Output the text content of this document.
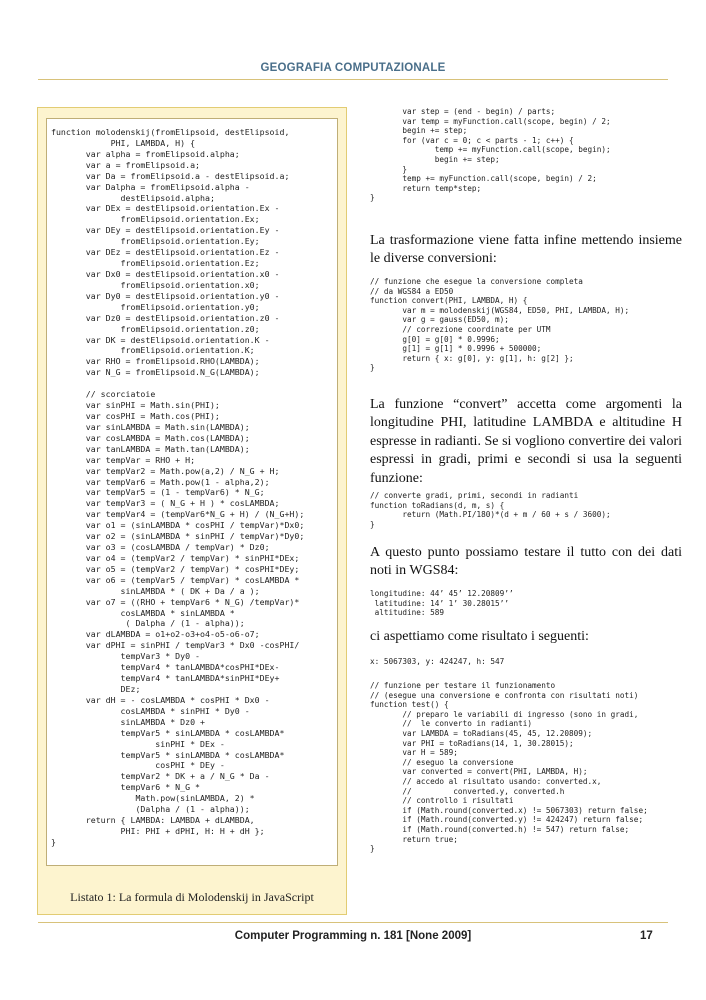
GEOGRAFIA COMPUTAZIONALE
function molodenskij(fromElipsoid, destElipsoid,
PHI, LAMBDA, H) {
var alpha = fromElipsoid.alpha;
var a = fromElipsoid.a;
var Da = fromElipsoid.a - destElipsoid.a;
var Dalpha = fromElipsoid.alpha -
destElipsoid.alpha;
var DEx = destElipsoid.orientation.Ex -
fromElipsoid.orientation.Ex;
var DEy = destElipsoid.orientation.Ey -
fromElipsoid.orientation.Ey;
var DEz = destElipsoid.orientation.Ez -
fromElipsoid.orientation.Ez;
var Dx0 = destElipsoid.orientation.x0 -
fromElipsoid.orientation.x0;
var Dy0 = destElipsoid.orientation.y0 -
fromElipsoid.orientation.y0;
var Dz0 = destElipsoid.orientation.z0 -
fromElipsoid.orientation.z0;
var DK = destElipsoid.orientation.K -
fromElipsoid.orientation.K;
var RHO = fromElipsoid.RHO(LAMBDA);
var N_G = fromElipsoid.N_G(LAMBDA);

// scorciatoie
var sinPHI = Math.sin(PHI);
var cosPHI = Math.cos(PHI);
var sinLAMBDA = Math.sin(LAMBDA);
var cosLAMBDA = Math.cos(LAMBDA);
var tanLAMBDA = Math.tan(LAMBDA);
var tempVar = RHO + H;
var tempVar2 = Math.pow(a,2) / N_G + H;
var tempVar6 = Math.pow(1 - alpha,2);
var tempVar5 = (1 - tempVar6) * N_G;
var tempVar3 = ( N_G + H ) * cosLAMBDA;
var tempVar4 = (tempVar6*N_G + H) / (N_G+H);
var o1 = (sinLAMBDA * cosPHI / tempVar)*Dx0;
var o2 = (sinLAMBDA * sinPHI / tempVar)*Dy0;
var o3 = (cosLAMBDA / tempVar) * Dz0;
var o4 = (tempVar2 / tempVar) * sinPHI*DEx;
var o5 = (tempVar2 / tempVar) * cosPHI*DEy;
var o6 = (tempVar5 / tempVar) * cosLAMBDA *
sinLAMBDA * ( DK + Da / a );
var o7 = ((RHO + tempVar6 * N_G) /tempVar)*
cosLAMBDA * sinLAMBDA *
( Dalpha / (1 - alpha));
var dLAMBDA = o1+o2-o3+o4-o5-o6-o7;
var dPHI = sinPHI / tempVar3 * Dx0 -cosPHI/
tempVar3 * Dy0 -
tempVar4 * tanLAMBDA*cosPHI*DEx-
tempVar4 * tanLAMBDA*sinPHI*DEy+
DEz;
var dH = - cosLAMBDA * cosPHI * Dx0 -
cosLAMBDA * sinPHI * Dy0 -
sinLAMBDA * Dz0 +
tempVar5 * sinLAMBDA * cosLAMBDA*
sinPHI * DEx -
tempVar5 * sinLAMBDA * cosLAMBDA*
cosPHI * DEy -
tempVar2 * DK + a / N_G * Da -
tempVar6 * N_G *
Math.pow(sinLAMBDA, 2) *
(Dalpha / (1 - alpha));
return { LAMBDA: LAMBDA + dLAMBDA,
PHI: PHI + dPHI, H: H + dH };
}
Listato 1: La formula di Molodenskij in JavaScript
var step = (end - begin) / parts;
var temp = myFunction.call(scope, begin) / 2;
begin += step;
for (var c = 0; c < parts - 1; c++) {
temp += myFunction.call(scope, begin);
begin += step;
}
temp += myFunction.call(scope, begin) / 2;
return temp*step;
}
La trasformazione viene fatta infine mettendo insieme le diverse conversioni:
// funzione che esegue la conversione completa
// da WGS84 a ED50
function convert(PHI, LAMBDA, H) {
var m = molodenskij(WGS84, ED50, PHI, LAMBDA, H);
var g = gauss(ED50, m);
// correzione coordinate per UTM
g[0] = g[0] * 0.9996;
g[1] = g[1] * 0.9996 + 500000;
return { x: g[0], y: g[1], h: g[2] };
}
La funzione “convert” accetta come argomenti la longitudine PHI, latitudine LAMBDA e altitudine H espresse in radianti. Se si vogliono convertire dei valori espressi in gradi, primi e secondi si usa la seguenti funzione:
// converte gradi, primi, secondi in radianti
function toRadians(d, m, s) {
return (Math.PI/180)*(d + m / 60 + s / 3600);
}
A questo punto possiamo testare il tutto con dei dati noti in WGS84:
longitudine: 44’ 45’ 12.20809’’
latitudine: 14’ 1’ 30.28015’’
altitudine: 589
ci aspettiamo come risultato i seguenti:
x: 5067303, y: 424247, h: 547
// funzione per testare il funzionamento
// (esegue una conversione e confronta con risultati noti)
function test() {
// preparo le variabili di ingresso (sono in gradi,
//  le converto in radianti)
var LAMBDA = toRadians(45, 45, 12.20809);
var PHI = toRadians(14, 1, 30.28015);
var H = 589;
// eseguo la conversione
var converted = convert(PHI, LAMBDA, H);
// accedo al risultato usando: converted.x,
//         converted.y, converted.h
// controllo i risultati
if (Math.round(converted.x) != 5067303) return false;
if (Math.round(converted.y) != 424247) return false;
if (Math.round(converted.h) != 547) return false;
return true;
}
Computer Programming n. 181 [None 2009]	17
